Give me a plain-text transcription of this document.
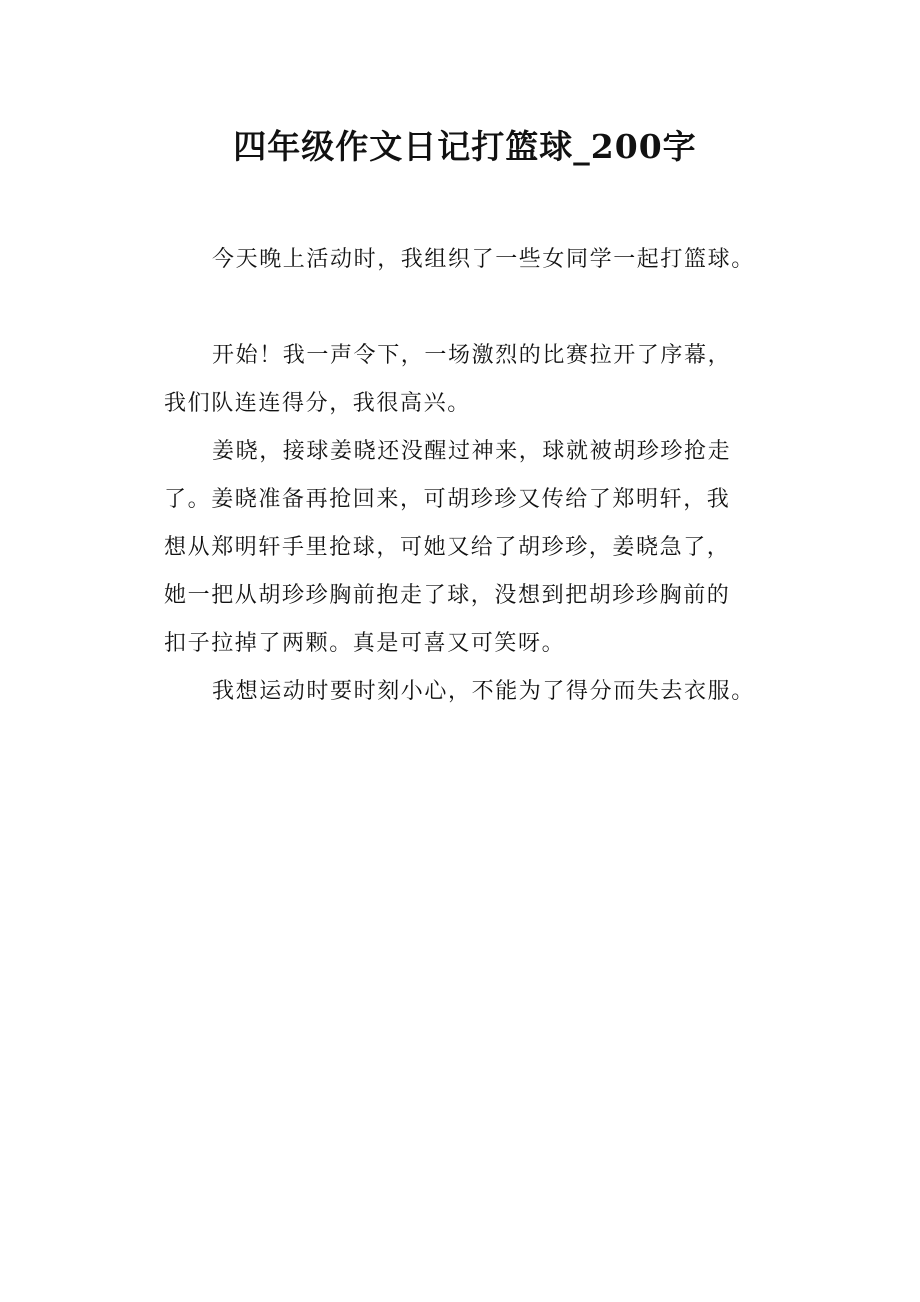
四年级作文日记打篮球_200字

今天晚上活动时，我组织了一些女同学一起打篮球。

开始！我一声令下，一场激烈的比赛拉开了序幕，

我们队连连得分，我很高兴。

姜晓，接球姜晓还没醒过神来，球就被胡珍珍抢走

了。姜晓准备再抢回来，可胡珍珍又传给了郑明轩，我

想从郑明轩手里抢球，可她又给了胡珍珍，姜晓急了，

她一把从胡珍珍胸前抱走了球，没想到把胡珍珍胸前的

扣子拉掉了两颗。真是可喜又可笑呀。

我想运动时要时刻小心，不能为了得分而失去衣服。
